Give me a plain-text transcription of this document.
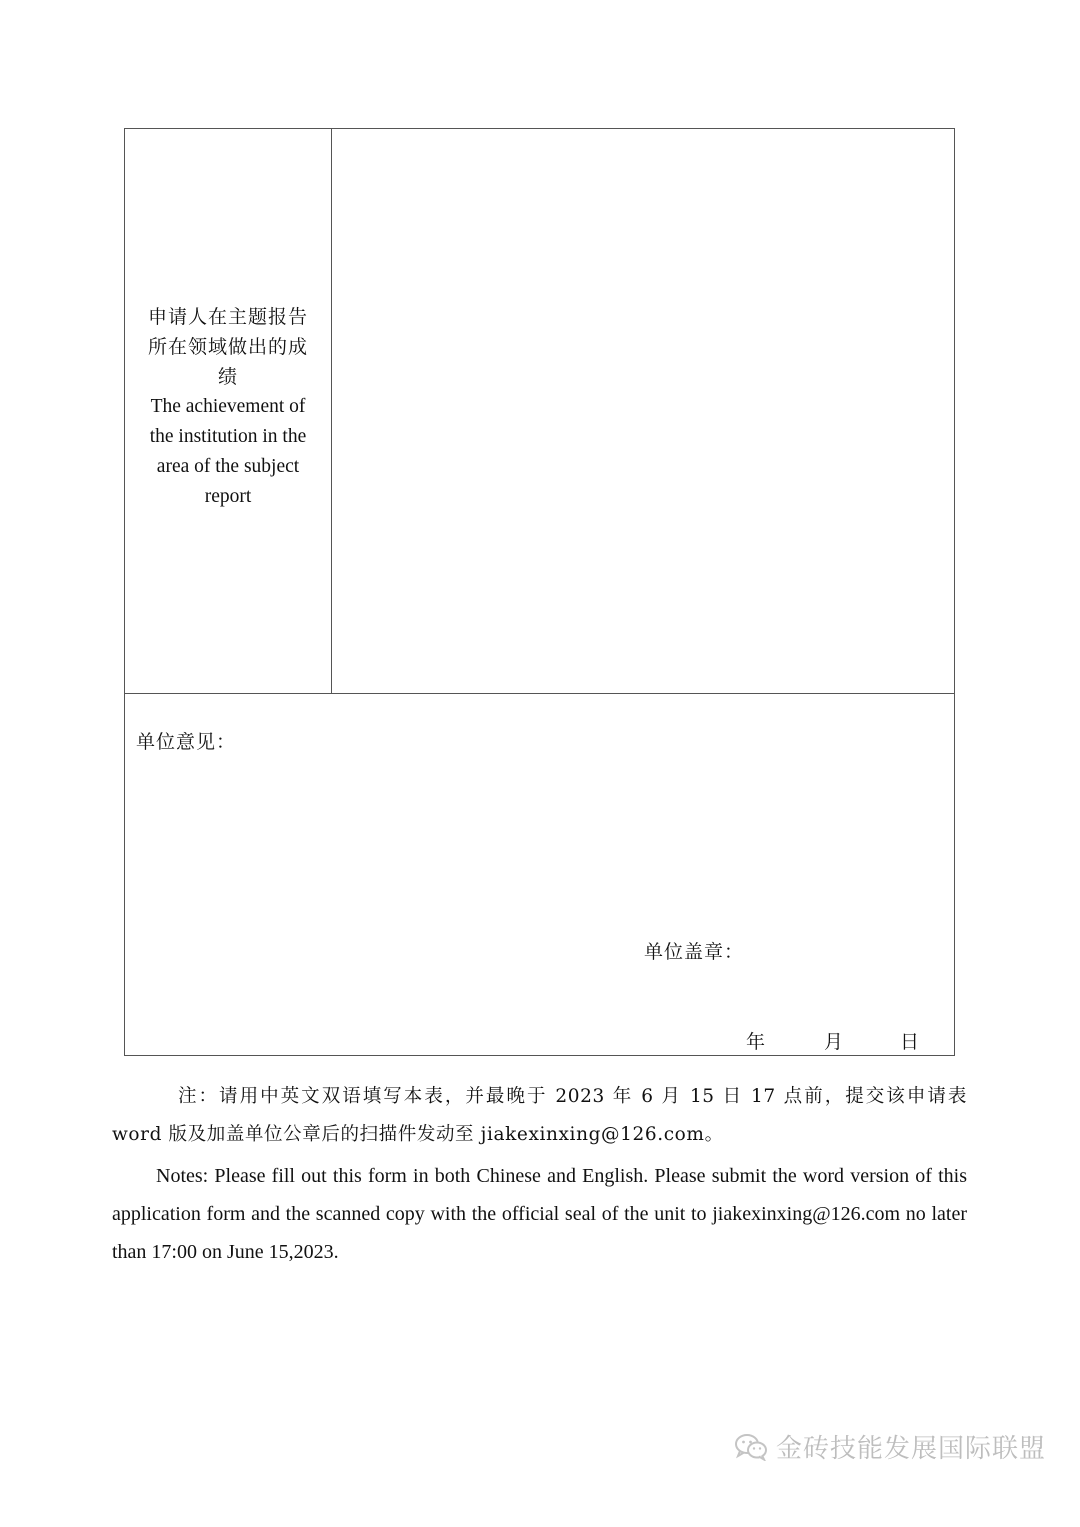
申请人在主题报告
所在领域做出的成
绩
The achievement of
the institution in the
area of the subject
report
单位意见：
单位盖章：
年	月	日

注：请用中英文双语填写本表，并最晚于 2023 年 6 月 15 日 17 点前，提交该申请表 word 版及加盖单位公章后的扫描件发动至 jiakexinxing@126.com。

Notes: Please fill out this form in both Chinese and English. Please submit the word version of this application form and the scanned copy with the official seal of the unit to jiakexinxing@126.com no later than 17:00 on June 15,2023.

金砖技能发展国际联盟
